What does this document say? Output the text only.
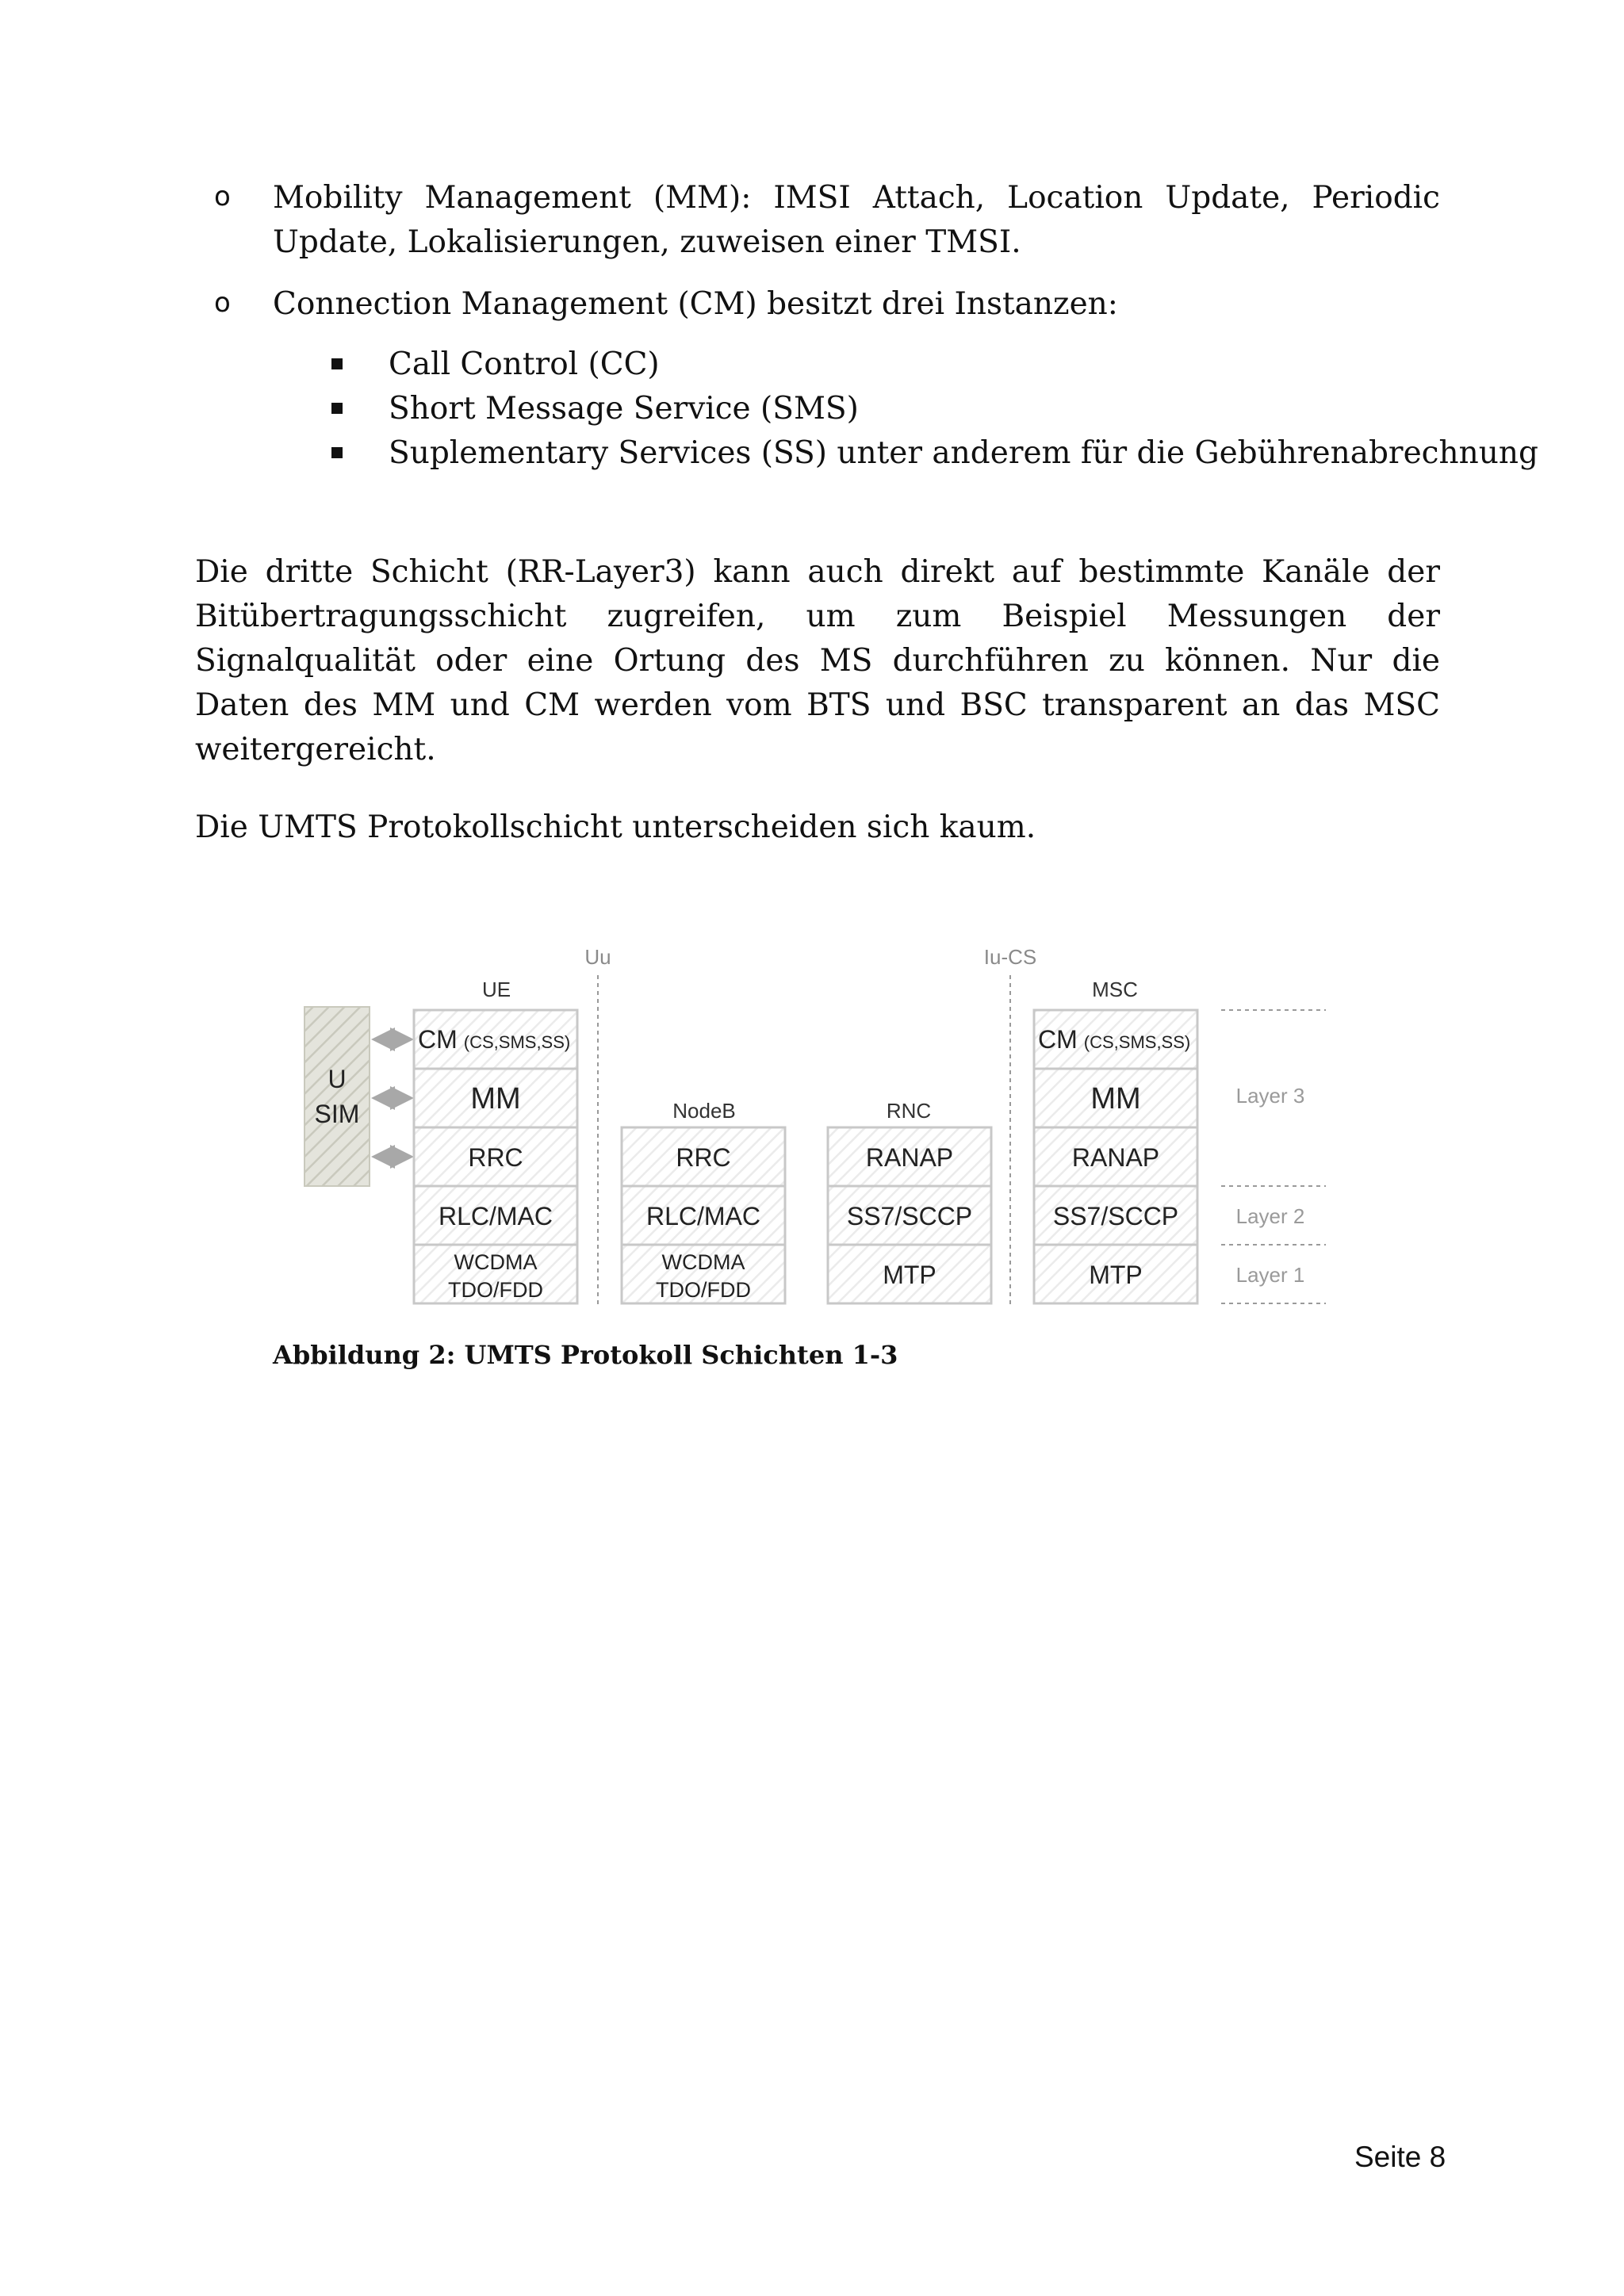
o Mobility Management (MM): IMSI Attach, Location Update, Periodic Update, Lokalisierungen, zuweisen einer TMSI.
o Connection Management (CM) besitzt drei Instanzen:
Call Control (CC)
Short Message Service (SMS)
Suplementary Services (SS) unter anderem für die Gebührenabrechnung
Die dritte Schicht (RR-Layer3) kann auch direkt auf bestimmte Kanäle der Bitübertragungsschicht zugreifen, um zum Beispiel Messungen der Signalqualität oder eine Ortung des MS durchführen zu können. Nur die Daten des MM und CM werden vom BTS und BSC transparent an das MSC weitergereicht.
Die UMTS Protokollschicht unterscheiden sich kaum.
Uu	Iu-CS
Layer 3
Layer 2
Layer 1
U
SIM
UE
CM (CS,SMS,SS)
MM
RRC
RLC/MAC
WCDMA
TDO/FDD
NodeB
RRC
RLC/MAC
WCDMA
TDO/FDD
RNC
RANAP
SS7/SCCP
MTP
MSC
CM (CS,SMS,SS)
MM
RANAP
SS7/SCCP
MTP
Abbildung 2: UMTS Protokoll Schichten 1-3
Seite 8
